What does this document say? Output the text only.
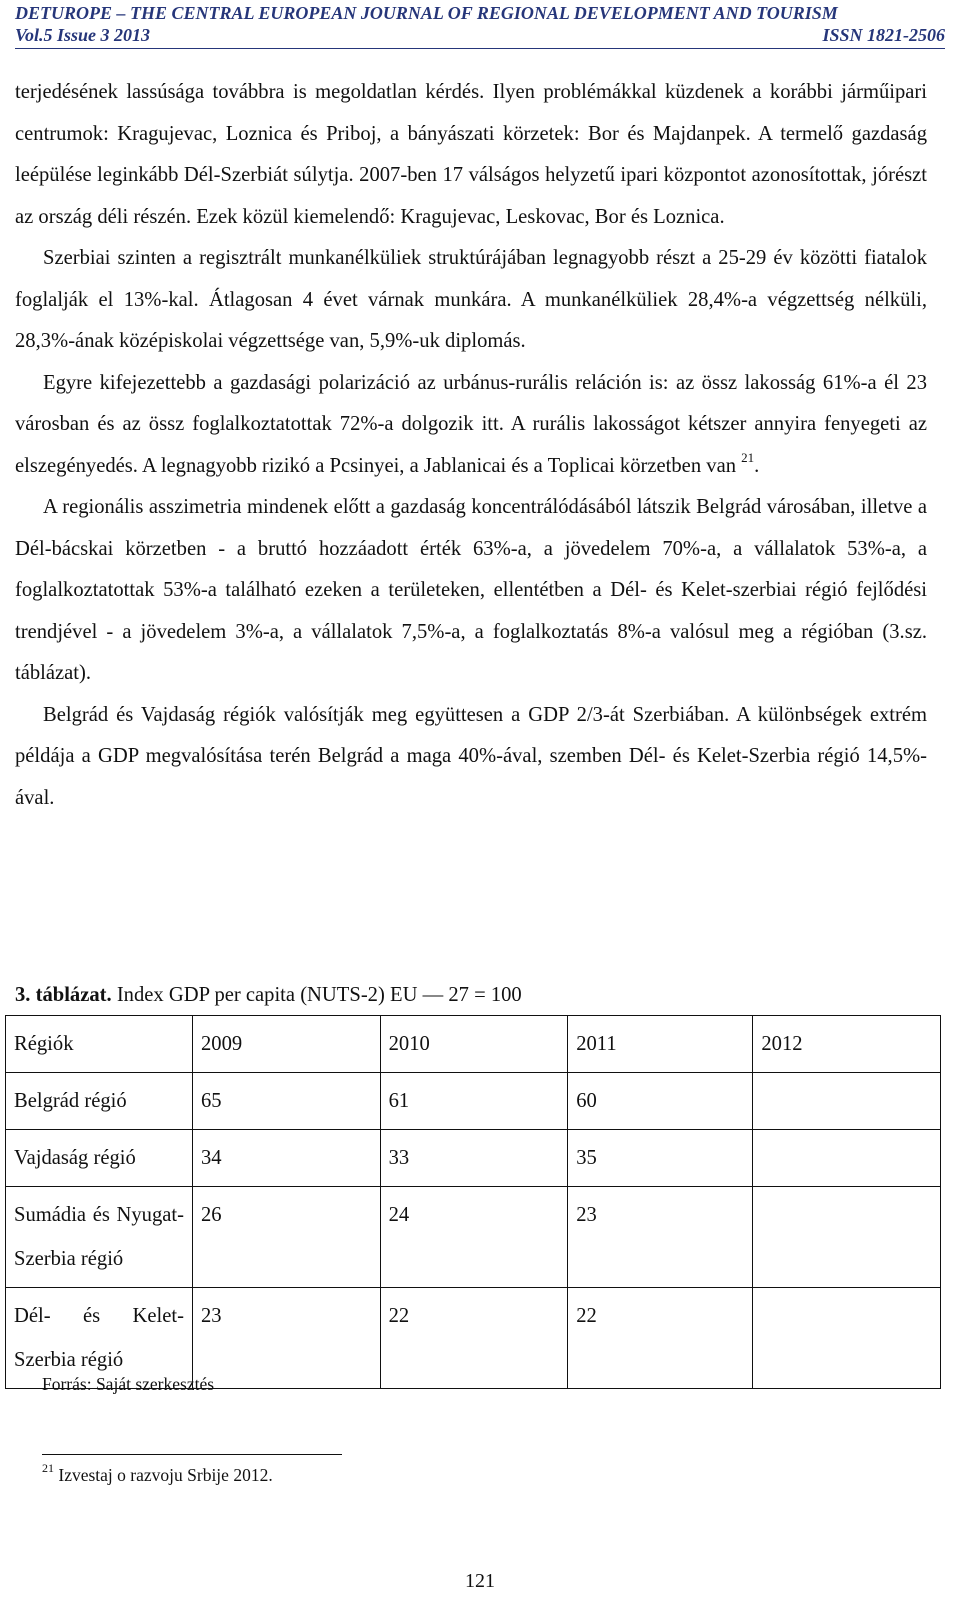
DETUROPE – THE CENTRAL EUROPEAN JOURNAL OF REGIONAL DEVELOPMENT AND TOURISM
Vol.5 Issue 3 2013	ISSN 1821-2506

terjedésének lassúsága továbbra is megoldatlan kérdés. Ilyen problémákkal küzdenek a korábbi járműipari centrumok: Kragujevac, Loznica és Priboj, a bányászati körzetek: Bor és Majdanpek. A termelő gazdaság leépülése leginkább Dél-Szerbiát súlytja. 2007-ben 17 válságos helyzetű ipari központot azonosítottak, jórészt az ország déli részén. Ezek közül kiemelendő: Kragujevac, Leskovac, Bor és Loznica.

Szerbiai szinten a regisztrált munkanélküliek struktúrájában legnagyobb részt a 25-29 év közötti fiatalok foglalják el 13%-kal. Átlagosan 4 évet várnak munkára. A munkanélküliek 28,4%-a végzettség nélküli, 28,3%-ának középiskolai végzettsége van, 5,9%-uk diplomás.

Egyre kifejezettebb a gazdasági polarizáció az urbánus-rurális reláción is: az össz lakosság 61%-a él 23 városban és az össz foglalkoztatottak 72%-a dolgozik itt. A rurális lakosságot kétszer annyira fenyegeti az elszegényedés. A legnagyobb rizikó a Pcsinyei, a Jablanicai és a Toplicai körzetben van $^{21}$.

A regionális asszimetria mindenek előtt a gazdaság koncentrálódásából látszik Belgrád városában, illetve a Dél-bácskai körzetben - a bruttó hozzáadott érték 63%-a, a jövedelem 70%-a, a vállalatok 53%-a, a foglalkoztatottak 53%-a található ezeken a területeken, ellentétben a Dél- és Kelet-szerbiai régió fejlődési trendjével - a jövedelem 3%-a, a vállalatok 7,5%-a, a foglalkoztatás 8%-a valósul meg a régióban (3.sz. táblázat).

Belgrád és Vajdaság régiók valósítják meg együttesen a GDP 2/3-át Szerbiában. A különbségek extrém példája a GDP megvalósítása terén Belgrád a maga 40%-ával, szemben Dél- és Kelet-Szerbia régió 14,5%-ával.

3. táblázat. Index GDP per capita (NUTS-2) EU — 27 = 100
Régiók	2009	2010	2011	2012
Belgrád régió	65	61	60	
Vajdaság régió	34	33	35	
Sumádia és Nyugat-Szerbia régió	26	24	23	
Dél- és Kelet-Szerbia régió	23	22	22	
Forrás: Saját szerkesztés
$^{21}$ Izvestaj o razvoju Srbije 2012.
121
